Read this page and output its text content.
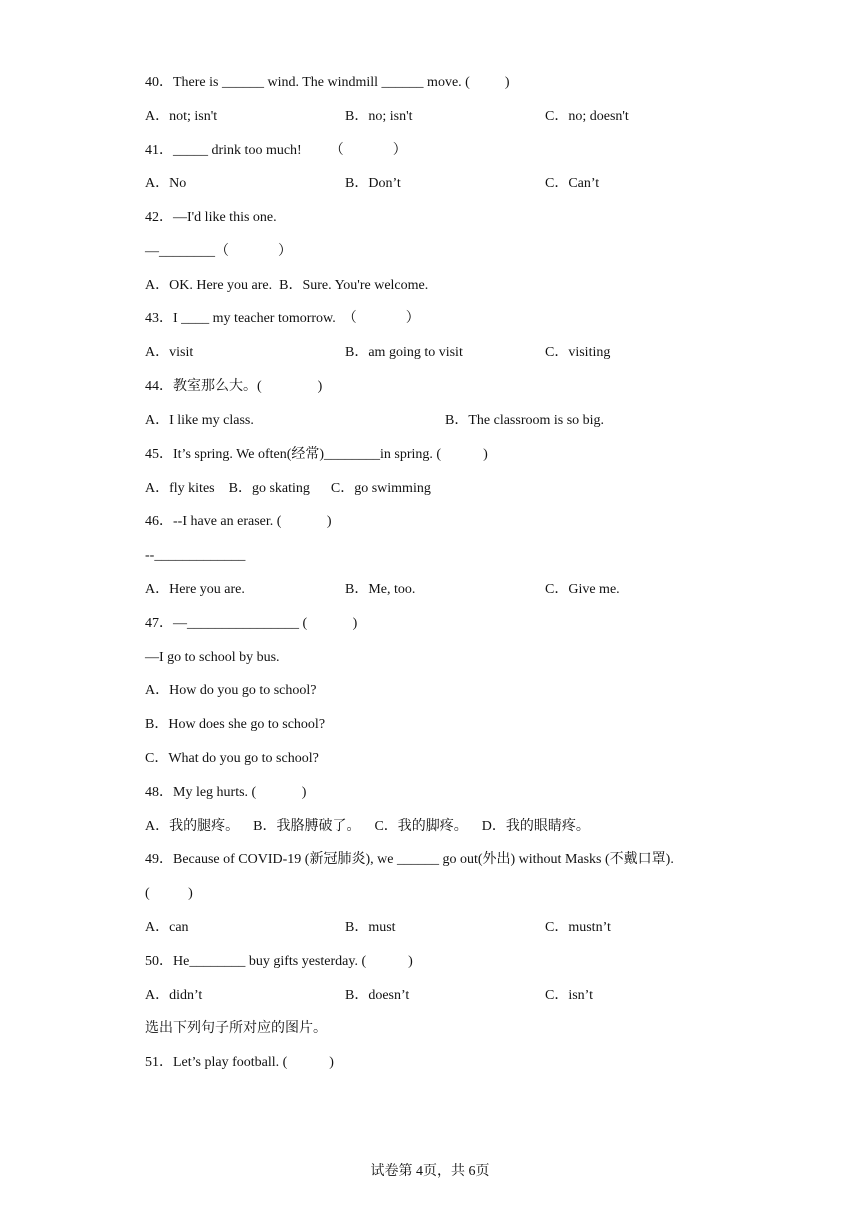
40．There is ______ wind. The windmill ______ move. (          )
A．not; isn't	B．no; isn't	C．no; doesn't
41．_____ drink too much!        （              ）
A．No	B．Don’t	C．Can’t
42．—I'd like this one.
—________（              ）
A．OK. Here you are.  B．Sure. You're welcome.
43．I ____ my teacher tomorrow.  （              ）
A．visit	B．am going to visit	C．visiting
44．教室那么大。(                )
A．I like my class.	B．The classroom is so big.
45．It’s spring. We often(经常)________in spring. (            )
A．fly kites    B．go skating      C．go swimming
46．--I have an eraser. (             )
--_____________
A．Here you are.	B．Me, too.	C．Give me.
47．—________________ (             )
—I go to school by bus.
A．How do you go to school?
B．How does she go to school?
C．What do you go to school?
48．My leg hurts. (             )
A．我的腿疼。    B．我胳膊破了。    C．我的脚疼。    D．我的眼睛疼。
49．Because of COVID-19 (新冠肺炎), we ______ go out(外出) without Masks (不戴口罩).
(           )
A．can	B．must	C．mustn’t
50．He________ buy gifts yesterday. (            )
A．didn’t	B．doesn’t	C．isn’t
选出下列句子所对应的图片。
51．Let’s play football. (            )
试卷第 4页，共 6页
